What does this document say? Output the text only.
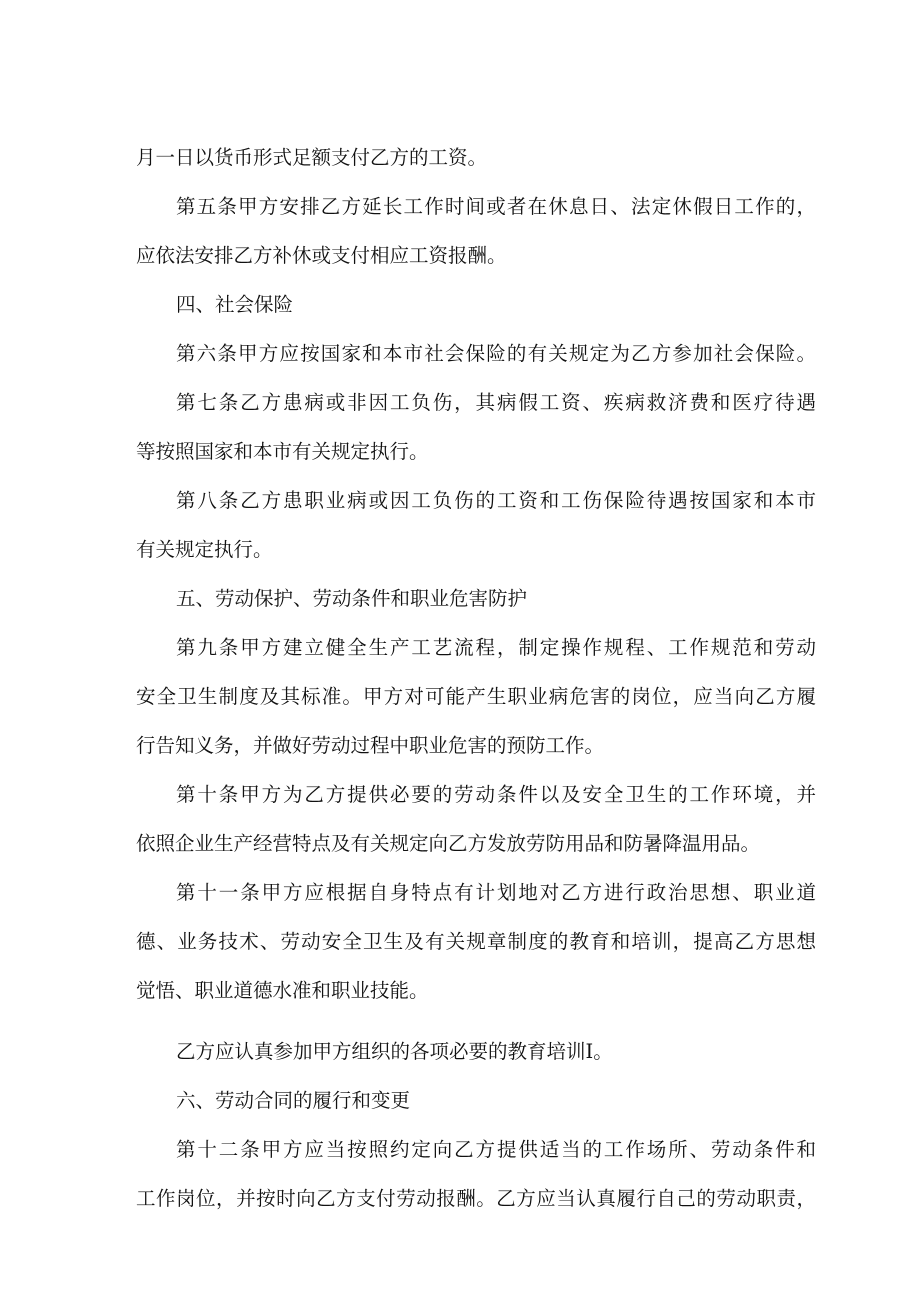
月一日以货币形式足额支付乙方的工资。
第五条甲方安排乙方延长工作时间或者在休息日、法定休假日工作的，
应依法安排乙方补休或支付相应工资报酬。
四、社会保险
第六条甲方应按国家和本市社会保险的有关规定为乙方参加社会保险。
第七条乙方患病或非因工负伤，其病假工资、疾病救济费和医疗待遇
等按照国家和本市有关规定执行。
第八条乙方患职业病或因工负伤的工资和工伤保险待遇按国家和本市
有关规定执行。
五、劳动保护、劳动条件和职业危害防护
第九条甲方建立健全生产工艺流程，制定操作规程、工作规范和劳动
安全卫生制度及其标准。甲方对可能产生职业病危害的岗位，应当向乙方履
行告知义务，并做好劳动过程中职业危害的预防工作。
第十条甲方为乙方提供必要的劳动条件以及安全卫生的工作环境，并
依照企业生产经营特点及有关规定向乙方发放劳防用品和防暑降温用品。
第十一条甲方应根据自身特点有计划地对乙方进行政治思想、职业道
德、业务技术、劳动安全卫生及有关规章制度的教育和培训，提高乙方思想
觉悟、职业道德水准和职业技能。
乙方应认真参加甲方组织的各项必要的教育培训I。
六、劳动合同的履行和变更
第十二条甲方应当按照约定向乙方提供适当的工作场所、劳动条件和
工作岗位，并按时向乙方支付劳动报酬。乙方应当认真履行自己的劳动职责，
